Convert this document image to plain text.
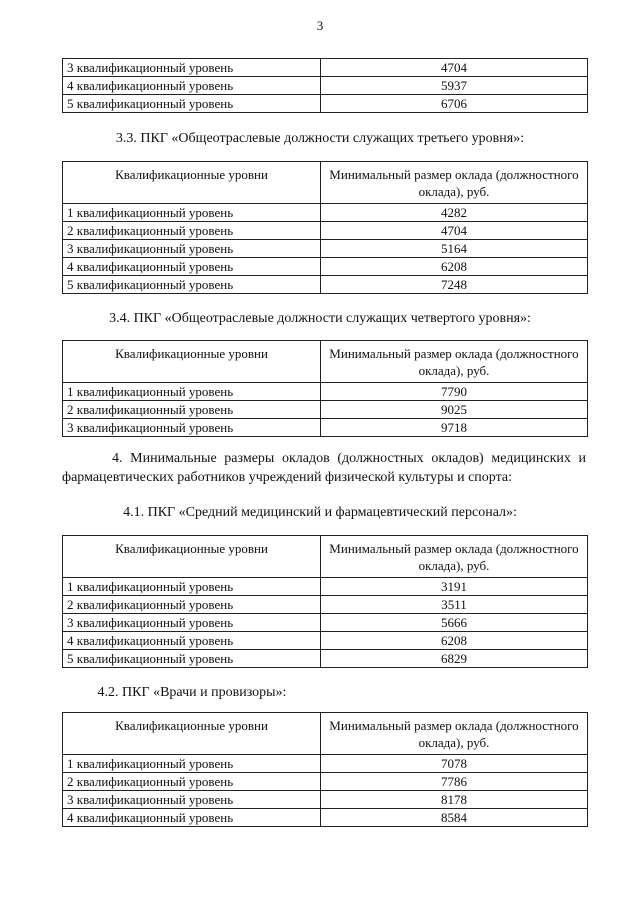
3
3 квалификационный уровень	4704
4 квалификационный уровень	5937
5 квалификационный уровень	6706
3.3. ПКГ «Общеотраслевые должности служащих третьего уровня»:
Квалификационные уровни	Минимальный размер оклада (должностного оклада), руб.
1 квалификационный уровень	4282
2 квалификационный уровень	4704
3 квалификационный уровень	5164
4 квалификационный уровень	6208
5 квалификационный уровень	7248
3.4. ПКГ «Общеотраслевые должности служащих четвертого уровня»:
Квалификационные уровни	Минимальный размер оклада (должностного оклада), руб.
1 квалификационный уровень	7790
2 квалификационный уровень	9025
3 квалификационный уровень	9718
4. Минимальные размеры окладов (должностных окладов) медицинских и фармацевтических работников учреждений физической культуры и спорта:
4.1. ПКГ «Средний медицинский и фармацевтический персонал»:
Квалификационные уровни	Минимальный размер оклада (должностного оклада), руб.
1 квалификационный уровень	3191
2 квалификационный уровень	3511
3 квалификационный уровень	5666
4 квалификационный уровень	6208
5 квалификационный уровень	6829
4.2. ПКГ «Врачи и провизоры»:
Квалификационные уровни	Минимальный размер оклада (должностного оклада), руб.
1 квалификационный уровень	7078
2 квалификационный уровень	7786
3 квалификационный уровень	8178
4 квалификационный уровень	8584
